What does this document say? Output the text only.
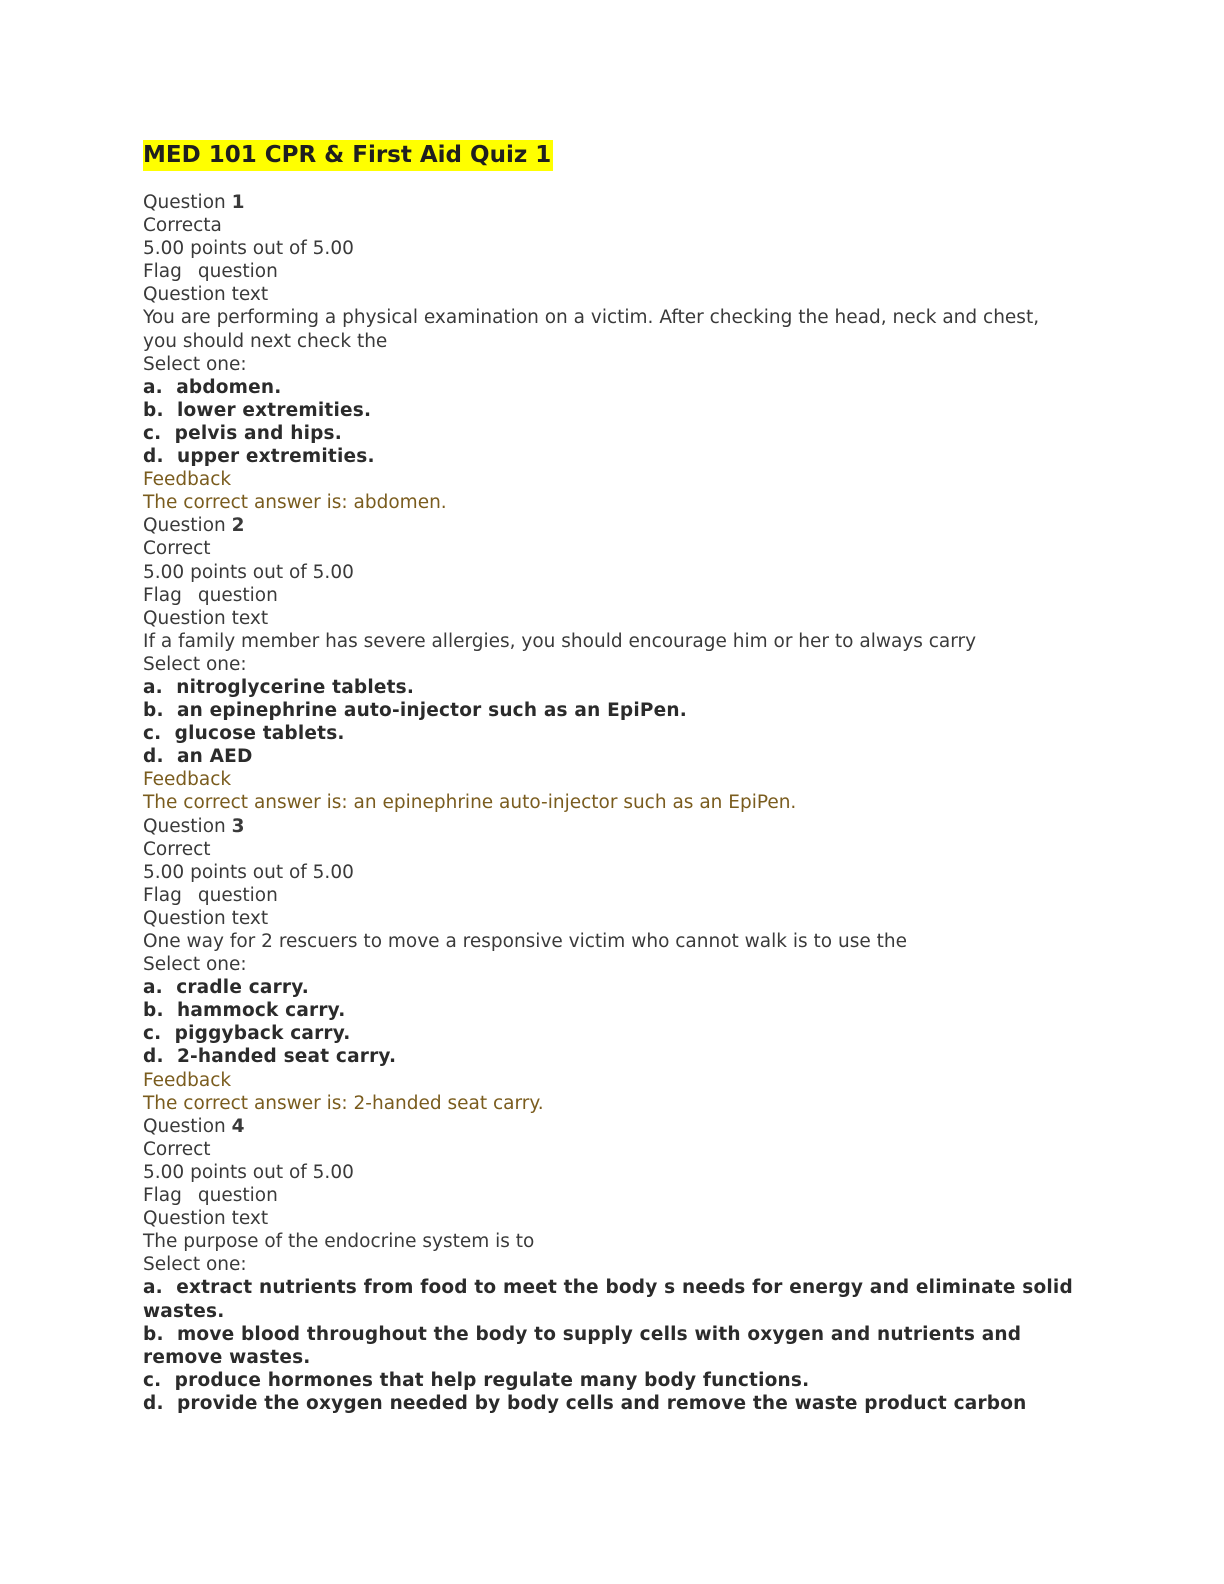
MED 101 CPR & First Aid Quiz 1
Question 1
Correcta
5.00 points out of 5.00
Flag question
Question text
You are performing a physical examination on a victim. After checking the head, neck and chest, you should next check the
Select one:
a.  abdomen.
b.  lower extremities.
c.  pelvis and hips.
d.  upper extremities.
Feedback
The correct answer is: abdomen.
Question 2
Correct
5.00 points out of 5.00
Flag question
Question text
If a family member has severe allergies, you should encourage him or her to always carry
Select one:
a.  nitroglycerine tablets.
b.  an epinephrine auto-injector such as an EpiPen.
c.  glucose tablets.
d.  an AED
Feedback
The correct answer is: an epinephrine auto-injector such as an EpiPen.
Question 3
Correct
5.00 points out of 5.00
Flag question
Question text
One way for 2 rescuers to move a responsive victim who cannot walk is to use the
Select one:
a.  cradle carry.
b.  hammock carry.
c.  piggyback carry.
d.  2-handed seat carry.
Feedback
The correct answer is: 2-handed seat carry.
Question 4
Correct
5.00 points out of 5.00
Flag question
Question text
The purpose of the endocrine system is to
Select one:
a.  extract nutrients from food to meet the body s needs for energy and eliminate solid wastes.
b.  move blood throughout the body to supply cells with oxygen and nutrients and remove wastes.
c.  produce hormones that help regulate many body functions.
d.  provide the oxygen needed by body cells and remove the waste product carbon
